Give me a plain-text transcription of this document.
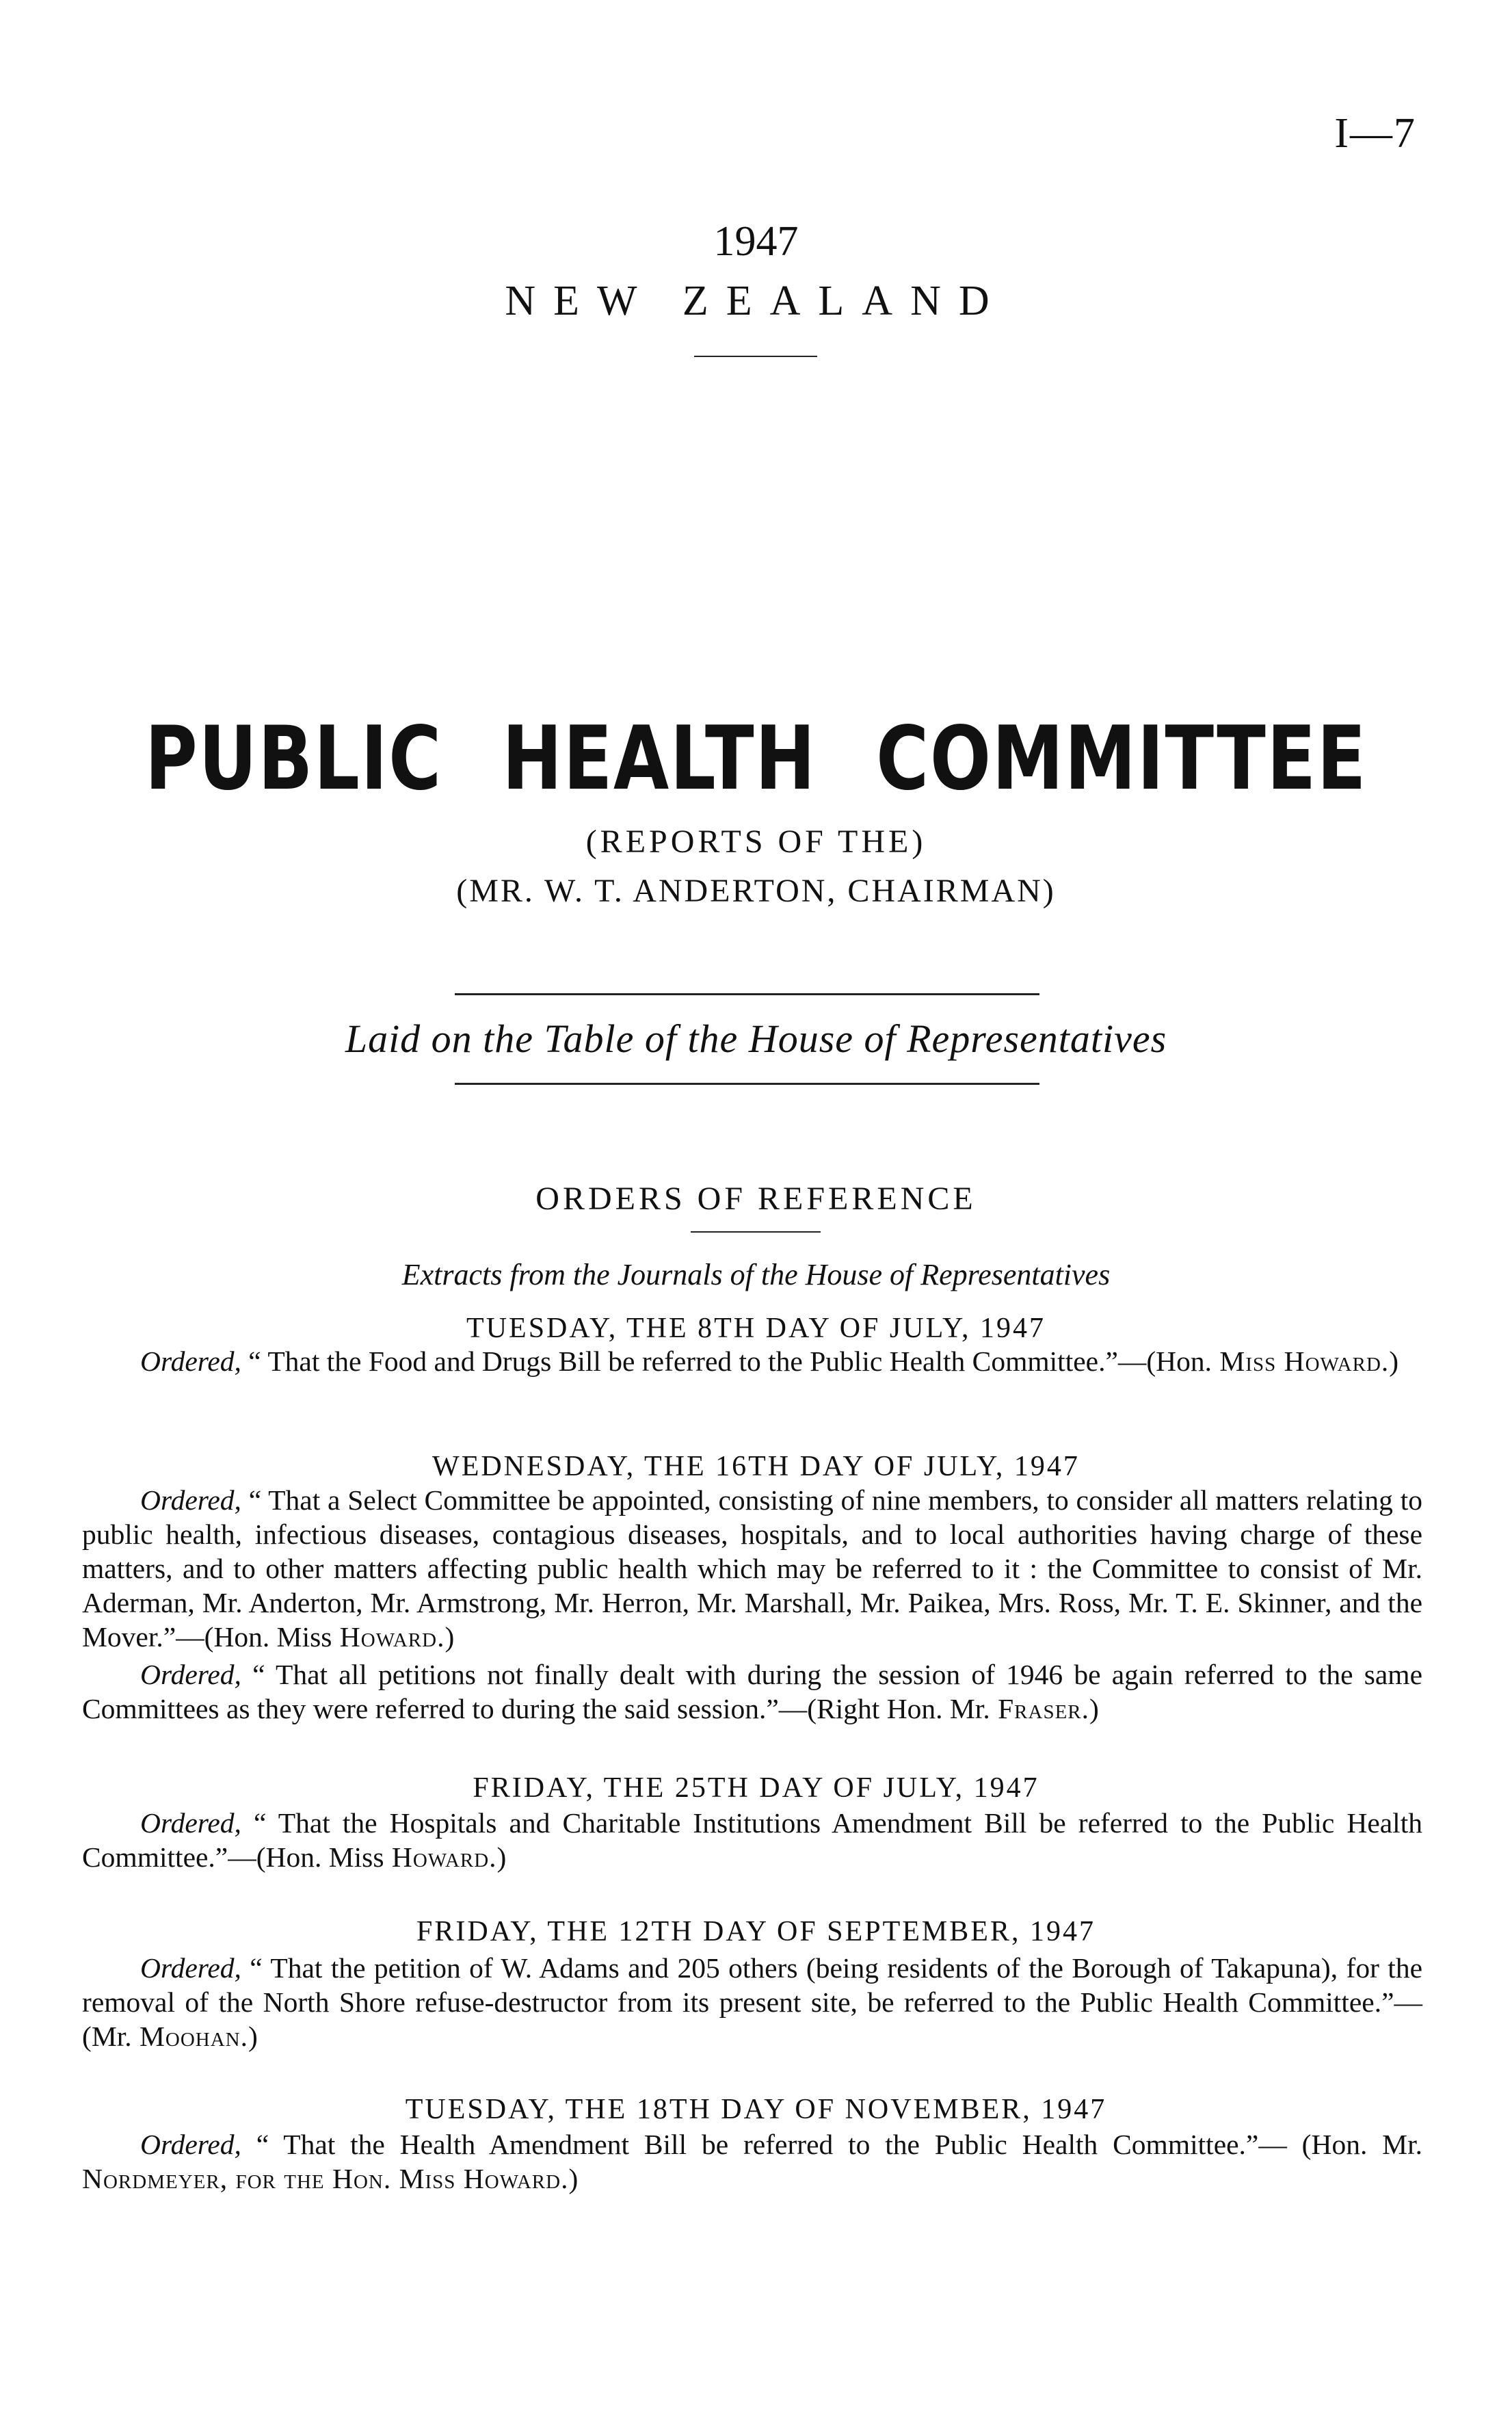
I—7
1947
NEW ZEALAND
PUBLIC HEALTH COMMITTEE
(REPORTS OF THE)
(MR. W. T. ANDERTON, CHAIRMAN)
Laid on the Table of the House of Representatives
ORDERS OF REFERENCE
Extracts from the Journals of the House of Representatives
TUESDAY, THE 8TH DAY OF JULY, 1947

Ordered, “ That the Food and Drugs Bill be referred to the Public Health Committee.”—(Hon. Miss Howard.)

WEDNESDAY, THE 16TH DAY OF JULY, 1947

Ordered, “ That a Select Committee be appointed, consisting of nine members, to consider all matters relating to public health, infectious diseases, contagious diseases, hospitals, and to local authorities having charge of these matters, and to other matters affecting public health which may be referred to it : the Committee to consist of Mr. Aderman, Mr. Anderton, Mr. Armstrong, Mr. Herron, Mr. Marshall, Mr. Paikea, Mrs. Ross, Mr. T. E. Skinner, and the Mover.”—(Hon. Miss Howard.)

Ordered, “ That all petitions not finally dealt with during the session of 1946 be again referred to the same Committees as they were referred to during the said session.”—(Right Hon. Mr. Fraser.)

FRIDAY, THE 25TH DAY OF JULY, 1947

Ordered, “ That the Hospitals and Charitable Institutions Amendment Bill be referred to the Public Health Committee.”—(Hon. Miss Howard.)

FRIDAY, THE 12TH DAY OF SEPTEMBER, 1947

Ordered, “ That the petition of W. Adams and 205 others (being residents of the Borough of Takapuna), for the removal of the North Shore refuse-destructor from its present site, be referred to the Public Health Committee.”—(Mr. Moohan.)

TUESDAY, THE 18TH DAY OF NOVEMBER, 1947

Ordered, “ That the Health Amendment Bill be referred to the Public Health Committee.”— (Hon. Mr. Nordmeyer, for the Hon. Miss Howard.)
